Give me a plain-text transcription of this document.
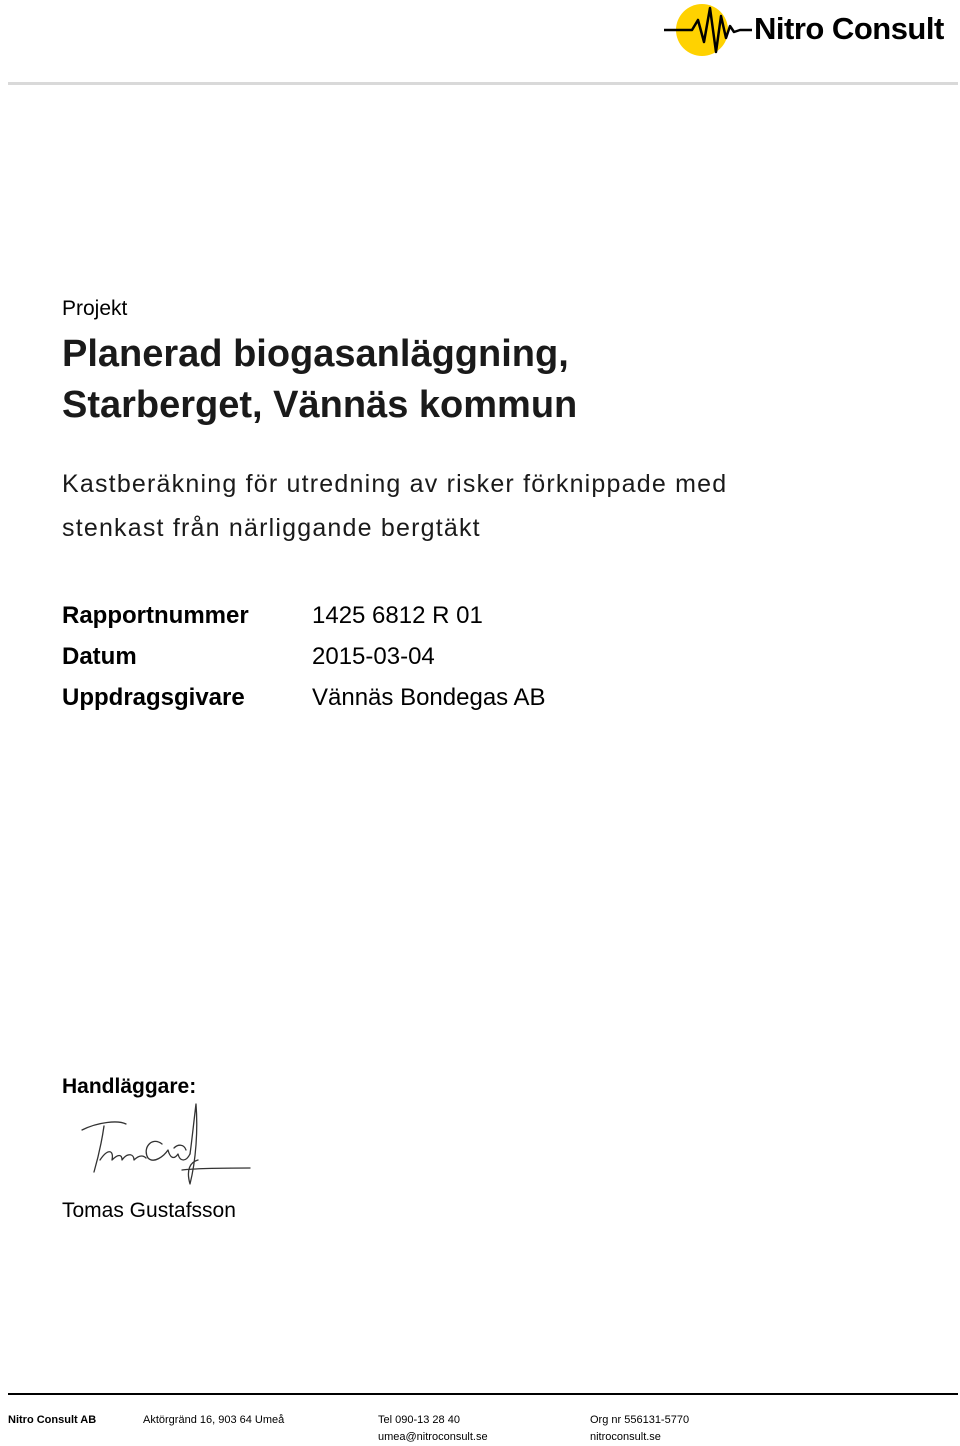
Nitro Consult
Projekt
Planerad biogasanläggning,
Starberget, Vännäs kommun
Kastberäkning för utredning av risker förknippade med
stenkast från närliggande bergtäkt
Rapportnummer	1425 6812 R 01
Datum	2015-03-04
Uppdragsgivare	Vännäs Bondegas AB
Handläggare:
Tomas Gustafsson
Nitro Consult AB	Aktörgränd 16, 903 64 Umeå	Tel 090-13 28 40
umea@nitroconsult.se
Org nr 556131-5770
nitroconsult.se
